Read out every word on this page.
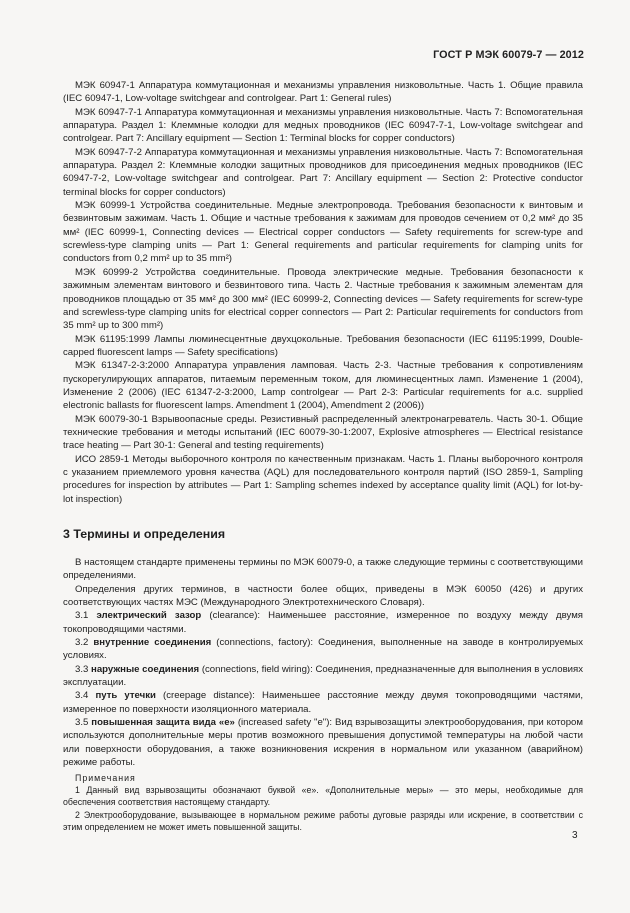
ГОСТ Р МЭК 60079-7 — 2012

МЭК 60947-1 Аппаратура коммутационная и механизмы управления низковольтные. Часть 1. Общие правила (IEC 60947-1, Low-voltage switchgear and controlgear. Part 1: General rules)

МЭК 60947-7-1 Аппаратура коммутационная и механизмы управления низковольтные. Часть 7: Вспомогательная аппаратура. Раздел 1: Клеммные колодки для медных проводников (IEC 60947-7-1, Low-voltage switchgear and controlgear. Part 7: Ancillary equipment — Section 1: Terminal blocks for copper conductors)

МЭК 60947-7-2 Аппаратура коммутационная и механизмы управления низковольтные. Часть 7: Вспомогательная аппаратура. Раздел 2: Клеммные колодки защитных проводников для присоединения медных проводников (IEC 60947-7-2, Low-voltage switchgear and controlgear. Part 7: Ancillary equipment — Section 2: Protective conductor terminal blocks for copper conductors)

МЭК 60999-1 Устройства соединительные. Медные электропровода. Требования безопасности к винтовым и безвинтовым зажимам. Часть 1. Общие и частные требования к зажимам для проводов сечением от 0,2 мм² до 35 мм² (IEC 60999-1, Connecting devices — Electrical copper conductors — Safety requirements for screw-type and screwless-type clamping units — Part 1: General requirements and particular requirements for clamping units for conductors from 0,2 mm² up to 35 mm²)

МЭК 60999-2 Устройства соединительные. Провода электрические медные. Требования безопасности к зажимным элементам винтового и безвинтового типа. Часть 2. Частные требования к зажимным элементам для проводников площадью от 35 мм² до 300 мм² (IEC 60999-2, Connecting devices — Safety requirements for screw-type and screwless-type clamping units for electrical copper connectors — Part 2: Particular requirements for conductors from 35 mm² up to 300 mm²)

МЭК 61195:1999 Лампы люминесцентные двухцокольные. Требования безопасности (IEC 61195:1999, Double-capped fluorescent lamps — Safety specifications)

МЭК 61347-2-3:2000 Аппаратура управления ламповая. Часть 2-3. Частные требования к сопротивлениям пускорегулирующих аппаратов, питаемым переменным током, для люминесцентных ламп. Изменение 1 (2004), Изменение 2 (2006) (IEC 61347-2-3:2000, Lamp controlgear — Part 2-3: Particular requirements for a.c. supplied electronic ballasts for fluorescent lamps. Amendment 1 (2004), Amendment 2 (2006))

МЭК 60079-30-1 Взрывоопасные среды. Резистивный распределенный электронагреватель. Часть 30-1. Общие технические требования и методы испытаний (IEC 60079-30-1:2007, Explosive atmospheres — Electrical resistance trace heating — Part 30-1: General and testing requirements)

ИСО 2859-1 Методы выборочного контроля по качественным признакам. Часть 1. Планы выборочного контроля с указанием приемлемого уровня качества (AQL) для последовательного контроля партий (ISO 2859-1, Sampling procedures for inspection by attributes — Part 1: Sampling schemes indexed by acceptance quality limit (AQL) for lot-by-lot inspection)

3 Термины и определения

В настоящем стандарте применены термины по МЭК 60079-0, а также следующие термины с соответствующими определениями.

Определения других терминов, в частности более общих, приведены в МЭК 60050 (426) и других соответствующих частях МЭС (Международного Электротехнического Словаря).

3.1 электрический зазор (clearance): Наименьшее расстояние, измеренное по воздуху между двумя токопроводящими частями.

3.2 внутренние соединения (connections, factory): Соединения, выполненные на заводе в контролируемых условиях.

3.3 наружные соединения (connections, field wiring): Соединения, предназначенные для выполнения в условиях эксплуатации.

3.4 путь утечки (creepage distance): Наименьшее расстояние между двумя токопроводящими частями, измеренное по поверхности изоляционного материала.

3.5 повышенная защита вида «е» (increased safety "e"): Вид взрывозащиты электрооборудования, при котором используются дополнительные меры против возможного превышения допустимой температуры на любой части или поверхности оборудования, а также возникновения искрения в нормальном или указанном (аварийном) режиме работы.

Примечания

1 Данный вид взрывозащиты обозначают буквой «е». «Дополнительные меры» — это меры, необходимые для обеспечения соответствия настоящему стандарту.

2 Электрооборудование, вызывающее в нормальном режиме работы дуговые разряды или искрение, в соответствии с этим определением не может иметь повышенной защиты.

3
